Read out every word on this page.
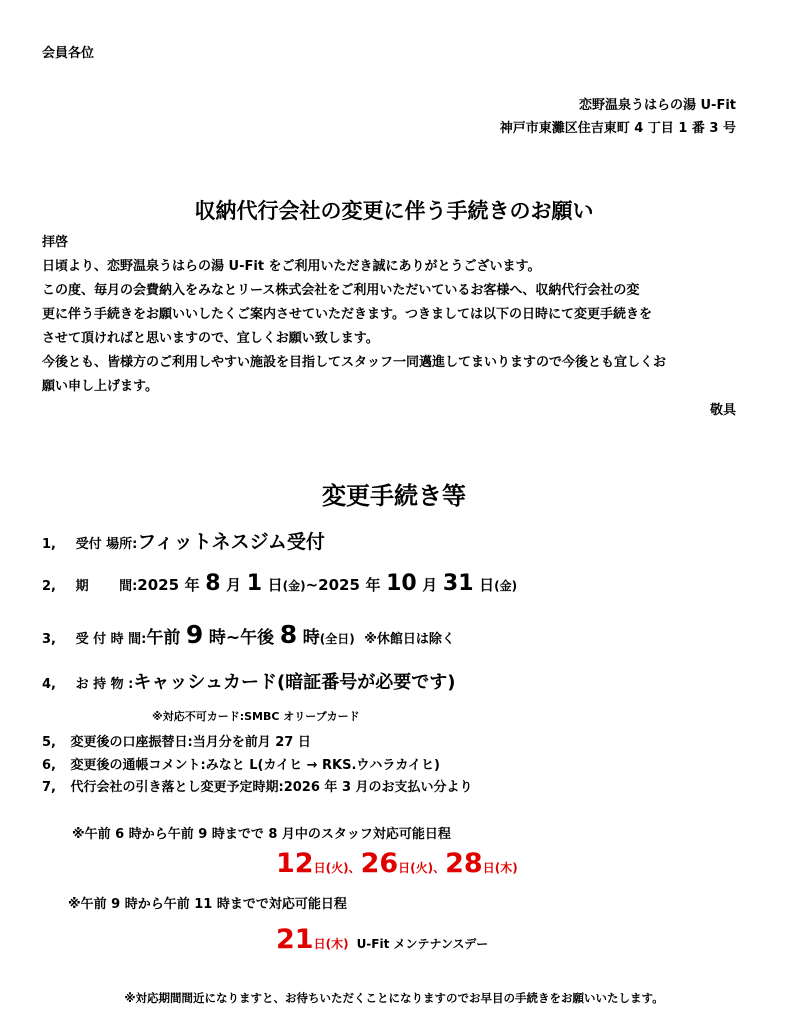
会員各位
恋野温泉うはらの湯 U-Fit
神戸市東灘区住吉東町 4 丁目 1 番 3 号
収納代行会社の変更に伴う手続きのお願い
拝啓
日頃より、恋野温泉うはらの湯 U-Fit をご利用いただき誠にありがとうございます。
この度、毎月の会費納入をみなとリース株式会社をご利用いただいているお客様へ、収納代行会社の変
更に伴う手続きをお願いいしたくご案内させていただきます。つきましては以下の日時にて変更手続きを
させて頂ければと思いますので、宜しくお願い致します。
今後とも、皆様方のご利用しやすい施設を目指してスタッフ一同邁進してまいりますので今後とも宜しくお
願い申し上げます。
敬具
変更手続き等
1, 受付 場所:フィットネスジム受付
2, 期　　 間:2025 年 8 月 1 日(金)~2025 年 10 月 31 日(金)
3, 受 付 時 間:午前 9 時~午後 8 時(全日) ※休館日は除く
4, お 持 物 :キャッシュカード(暗証番号が必要です)
※対応不可カード:SMBC オリーブカード
5, 変更後の口座振替日:当月分を前月 27 日
6, 変更後の通帳コメント:みなと L(カイヒ → RKS.ウハラカイヒ)
7, 代行会社の引き落とし変更予定時期:2026 年 3 月のお支払い分より
※午前 6 時から午前 9 時までで 8 月中のスタッフ対応可能日程
12日(火)、26日(火)、28日(木)
※午前 9 時から午前 11 時までで対応可能日程
21日(木) U-Fit メンテナンスデー
※対応期間間近になりますと、お待ちいただくことになりますのでお早目の手続きをお願いいたします。
